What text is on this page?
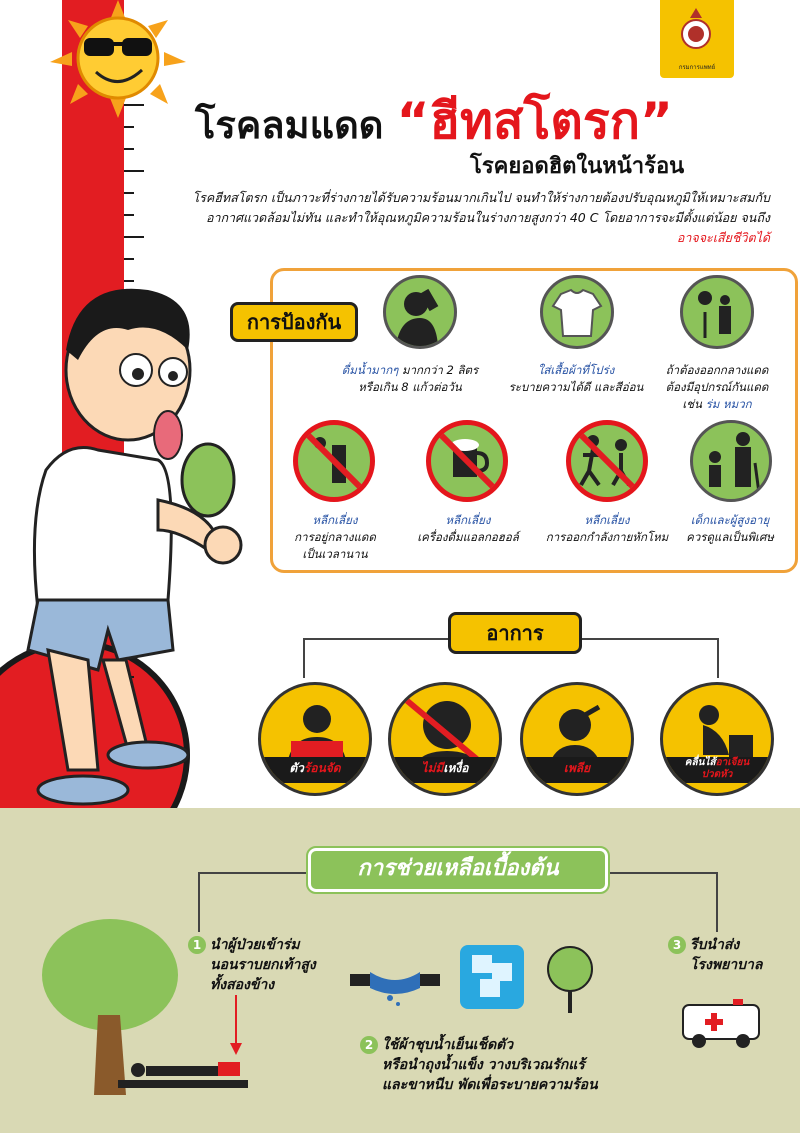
กรมการแพทย์
โรคลมแดด “ฮีทสโตรก”
โรคยอดฮิตในหน้าร้อน
โรคฮีทสโตรก เป็นภาวะที่ร่างกายได้รับความร้อนมากเกินไป จนทำให้ร่างกายต้องปรับอุณหภูมิให้เหมาะสมกับ
อากาศแวดล้อมไม่ทัน และทำให้อุณหภูมิความร้อนในร่างกายสูงกว่า 40 C โดยอาการจะมีตั้งแต่น้อย จนถึง
อาจจะเสียชีวิตได้
การป้องกัน
ดื่มน้ำมากๆ มากกว่า 2 ลิตร
หรือเกิน 8 แก้วต่อวัน
ใส่เสื้อผ้าที่โปร่ง
ระบายความได้ดี และสีอ่อน
ถ้าต้องออกกลางแดด
ต้องมีอุปกรณ์กันแดด
เช่น ร่ม หมวก
หลีกเลี่ยง
การอยู่กลางแดด
เป็นเวลานาน
หลีกเลี่ยง
เครื่องดื่มแอลกอฮอล์
หลีกเลี่ยง
การออกกำลังกายหักโหม
เด็กและผู้สูงอายุ
ควรดูแลเป็นพิเศษ
อาการ
ตัวร้อนจัด	ไม่มีเหงื่อ	เพลีย	คลื่นไส้อาเจียน
ปวดหัว
การช่วยเหลือเบื้องต้น
1 นำผู้ป่วยเข้าร่ม
นอนราบยกเท้าสูง
ทั้งสองข้าง
2 ใช้ผ้าชุบน้ำเย็นเช็ดตัว
หรือนำถุงน้ำแข็ง วางบริเวณรักแร้
และขาหนีบ พัดเพื่อระบายความร้อน
3 รีบนำส่ง
โรงพยาบาล
